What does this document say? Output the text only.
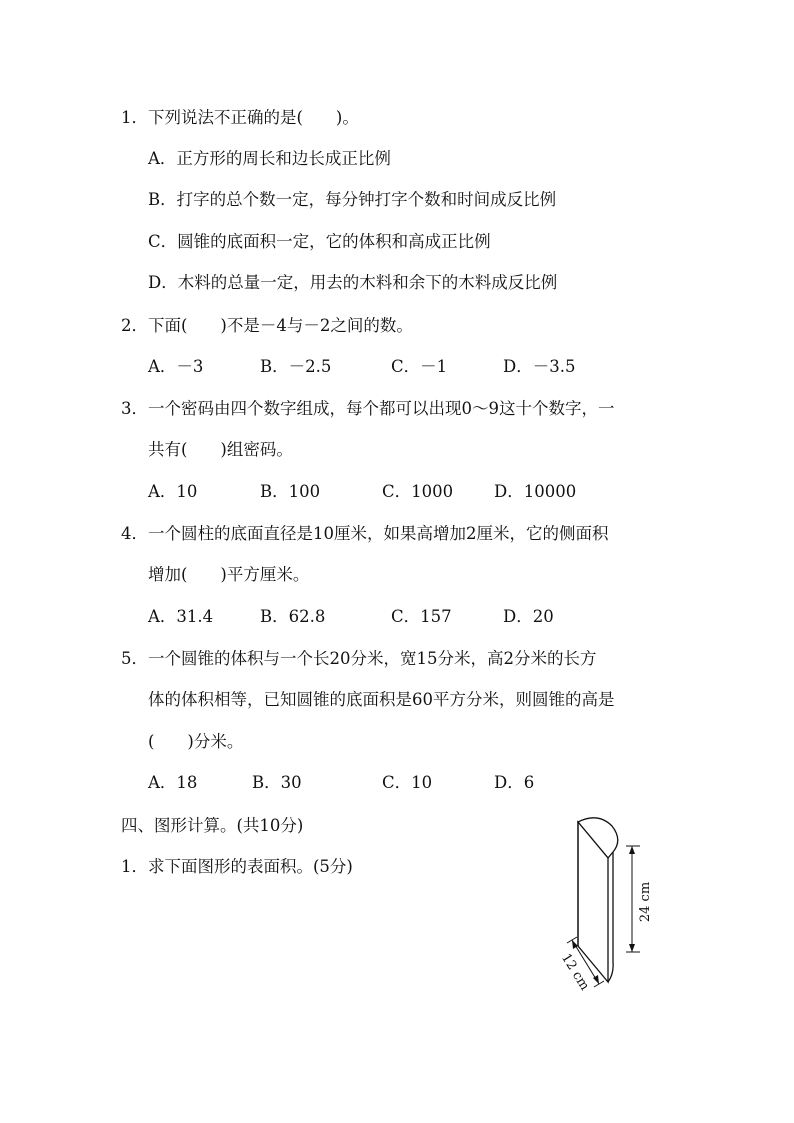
1．下列说法不正确的是(　　)。
A．正方形的周长和边长成正比例
B．打字的总个数一定，每分钟打字个数和时间成反比例
C．圆锥的底面积一定，它的体积和高成正比例
D．木料的总量一定，用去的木料和余下的木料成反比例
2．下面(　　)不是－4与－2之间的数。
A．－3	B．－2.5	C．－1	D．－3.5
3．一个密码由四个数字组成，每个都可以出现0～9这十个数字，一
共有(　　)组密码。
A．10	B．100	C．1000 D．10000
4．一个圆柱的底面直径是10厘米，如果高增加2厘米，它的侧面积
增加(　　)平方厘米。
A．31.4	B．62.8	C．157	D．20
5．一个圆锥的体积与一个长20分米，宽15分米，高2分米的长方
体的体积相等，已知圆锥的底面积是60平方分米，则圆锥的高是
(　　)分米。
A．18	B．30	C．10	D．6
四、图形计算。(共10分)
1．求下面图形的表面积。(5分)
24 cm
12 cm
